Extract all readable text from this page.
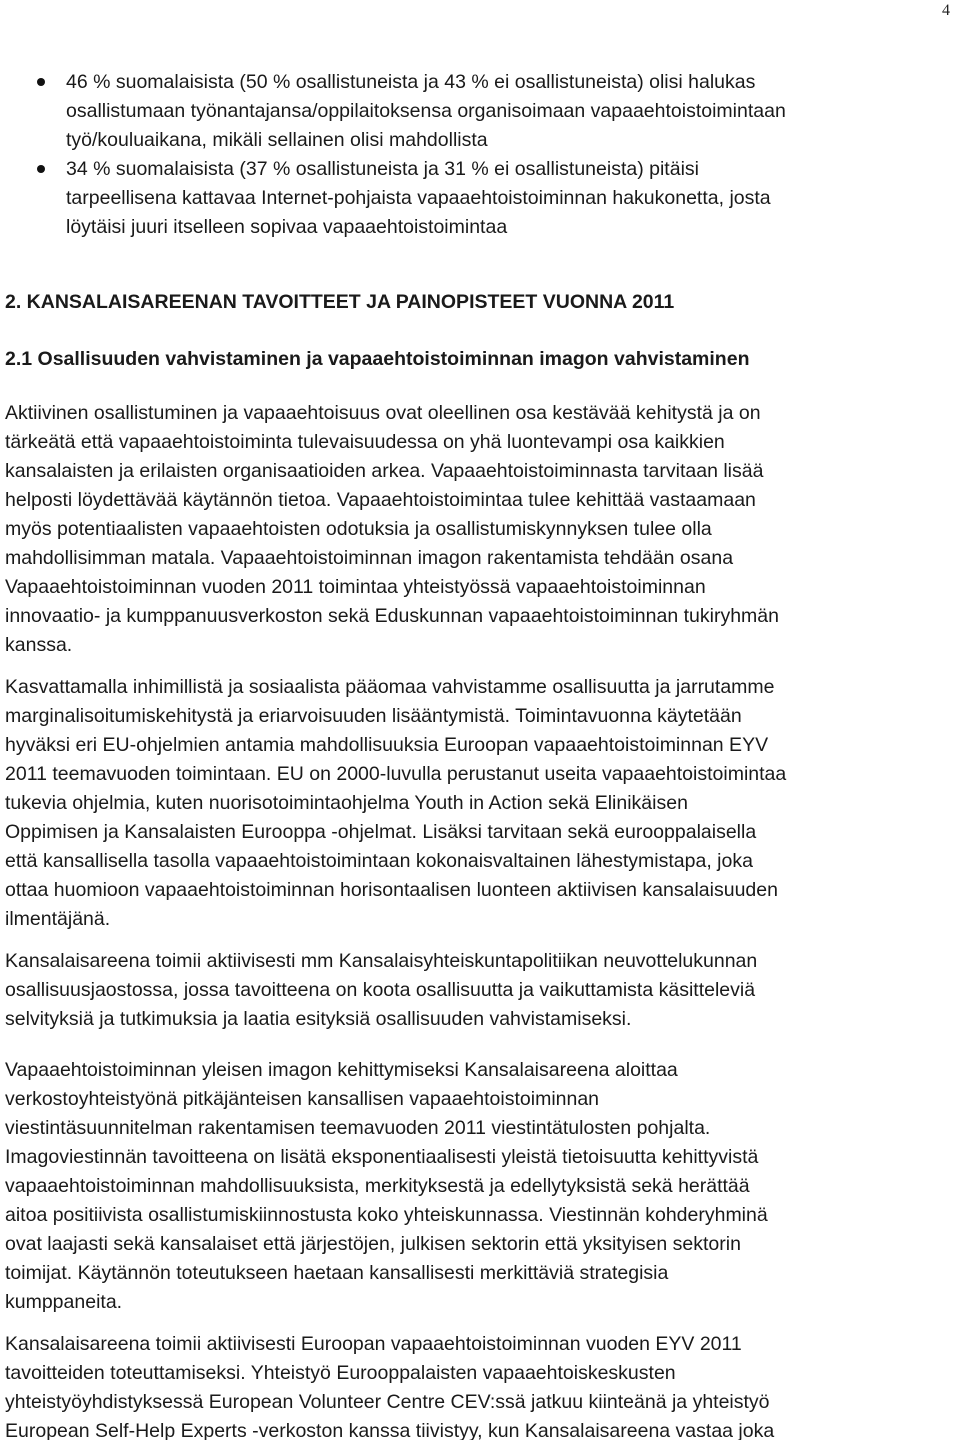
4
46 % suomalaisista (50 % osallistuneista ja 43 % ei osallistuneista) olisi halukas
osallistumaan työnantajansa/oppilaitoksensa organisoimaan vapaaehtoistoimintaan
työ/kouluaikana, mikäli sellainen olisi mahdollista
34 % suomalaisista (37 % osallistuneista ja 31 % ei osallistuneista) pitäisi
tarpeellisena kattavaa Internet-pohjaista vapaaehtoistoiminnan hakukonetta, josta
löytäisi juuri itselleen sopivaa vapaaehtoistoimintaa
2. KANSALAISAREENAN TAVOITTEET JA PAINOPISTEET VUONNA 2011
2.1 Osallisuuden vahvistaminen ja vapaaehtoistoiminnan imagon vahvistaminen

Aktiivinen osallistuminen ja vapaaehtoisuus ovat oleellinen osa kestävää kehitystä ja on
tärkeätä että vapaaehtoistoiminta tulevaisuudessa on yhä luontevampi osa kaikkien
kansalaisten ja erilaisten organisaatioiden arkea. Vapaaehtoistoiminnasta tarvitaan lisää
helposti löydettävää käytännön tietoa. Vapaaehtoistoimintaa tulee kehittää vastaamaan
myös potentiaalisten vapaaehtoisten odotuksia ja osallistumiskynnyksen tulee olla
mahdollisimman matala. Vapaaehtoistoiminnan imagon rakentamista tehdään osana
Vapaaehtoistoiminnan vuoden 2011 toimintaa yhteistyössä vapaaehtoistoiminnan
innovaatio- ja kumppanuusverkoston sekä Eduskunnan vapaaehtoistoiminnan tukiryhmän
kanssa.

Kasvattamalla inhimillistä ja sosiaalista pääomaa vahvistamme osallisuutta ja jarrutamme
marginalisoitumiskehitystä ja eriarvoisuuden lisääntymistä. Toimintavuonna käytetään
hyväksi eri EU-ohjelmien antamia mahdollisuuksia Euroopan vapaaehtoistoiminnan EYV
2011 teemavuoden toimintaan. EU on 2000-luvulla perustanut useita vapaaehtoistoimintaa
tukevia ohjelmia, kuten nuorisotoimintaohjelma Youth in Action sekä Elinikäisen
Oppimisen ja Kansalaisten Eurooppa -ohjelmat. Lisäksi tarvitaan sekä eurooppalaisella
että kansallisella tasolla vapaaehtoistoimintaan kokonaisvaltainen lähestymistapa, joka
ottaa huomioon vapaaehtoistoiminnan horisontaalisen luonteen aktiivisen kansalaisuuden
ilmentäjänä.

Kansalaisareena toimii aktiivisesti mm Kansalaisyhteiskuntapolitiikan neuvottelukunnan
osallisuusjaostossa, jossa tavoitteena on koota osallisuutta ja vaikuttamista käsitteleviä
selvityksiä ja tutkimuksia ja laatia esityksiä osallisuuden vahvistamiseksi.

Vapaaehtoistoiminnan yleisen imagon kehittymiseksi Kansalaisareena aloittaa
verkostoyhteistyönä pitkäjänteisen kansallisen vapaaehtoistoiminnan
viestintäsuunnitelman rakentamisen teemavuoden 2011 viestintätulosten pohjalta.
Imagoviestinnän tavoitteena on lisätä eksponentiaalisesti yleistä tietoisuutta kehittyvistä
vapaaehtoistoiminnan mahdollisuuksista, merkityksestä ja edellytyksistä sekä herättää
aitoa positiivista osallistumiskiinnostusta koko yhteiskunnassa. Viestinnän kohderyhminä
ovat laajasti sekä kansalaiset että järjestöjen, julkisen sektorin että yksityisen sektorin
toimijat. Käytännön toteutukseen haetaan kansallisesti merkittäviä strategisia
kumppaneita.

Kansalaisareena toimii aktiivisesti Euroopan vapaaehtoistoiminnan vuoden EYV 2011
tavoitteiden toteuttamiseksi. Yhteistyö Eurooppalaisten vapaaehtoiskeskusten
yhteistyöyhdistyksessä European Volunteer Centre CEV:ssä jatkuu kiinteänä ja yhteistyö
European Self-Help Experts -verkoston kanssa tiivistyy, kun Kansalaisareena vastaa joka
